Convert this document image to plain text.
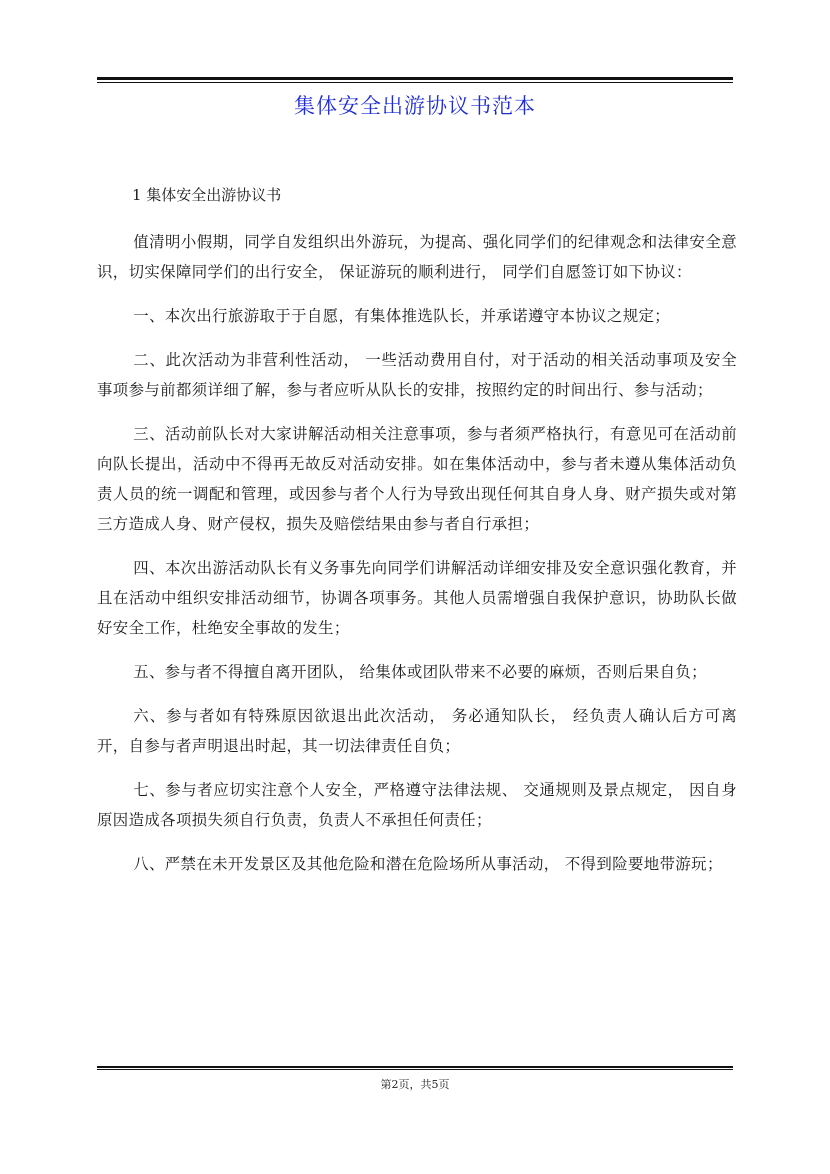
集体安全出游协议书范本
1 集体安全出游协议书

值清明小假期，同学自发组织出外游玩，为提高、强化同学们的纪律观念和法律安全意识，切实保障同学们的出行安全， 保证游玩的顺利进行， 同学们自愿签订如下协议：

一、本次出行旅游取于于自愿，有集体推选队长，并承诺遵守本协议之规定；

二、此次活动为非营利性活动， 一些活动费用自付，对于活动的相关活动事项及安全事项参与前都须详细了解，参与者应听从队长的安排，按照约定的时间出行、参与活动；

三、活动前队长对大家讲解活动相关注意事项，参与者须严格执行，有意见可在活动前向队长提出，活动中不得再无故反对活动安排。如在集体活动中，参与者未遵从集体活动负责人员的统一调配和管理，或因参与者个人行为导致出现任何其自身人身、财产损失或对第三方造成人身、财产侵权，损失及赔偿结果由参与者自行承担；

四、本次出游活动队长有义务事先向同学们讲解活动详细安排及安全意识强化教育，并且在活动中组织安排活动细节，协调各项事务。其他人员需增强自我保护意识，协助队长做好安全工作，杜绝安全事故的发生；

五、参与者不得擅自离开团队， 给集体或团队带来不必要的麻烦，否则后果自负；

六、参与者如有特殊原因欲退出此次活动， 务必通知队长， 经负责人确认后方可离开，自参与者声明退出时起，其一切法律责任自负；

七、参与者应切实注意个人安全，严格遵守法律法规、 交通规则及景点规定， 因自身原因造成各项损失须自行负责，负责人不承担任何责任；

八、严禁在未开发景区及其他危险和潜在危险场所从事活动， 不得到险要地带游玩；

第2页，共5页
